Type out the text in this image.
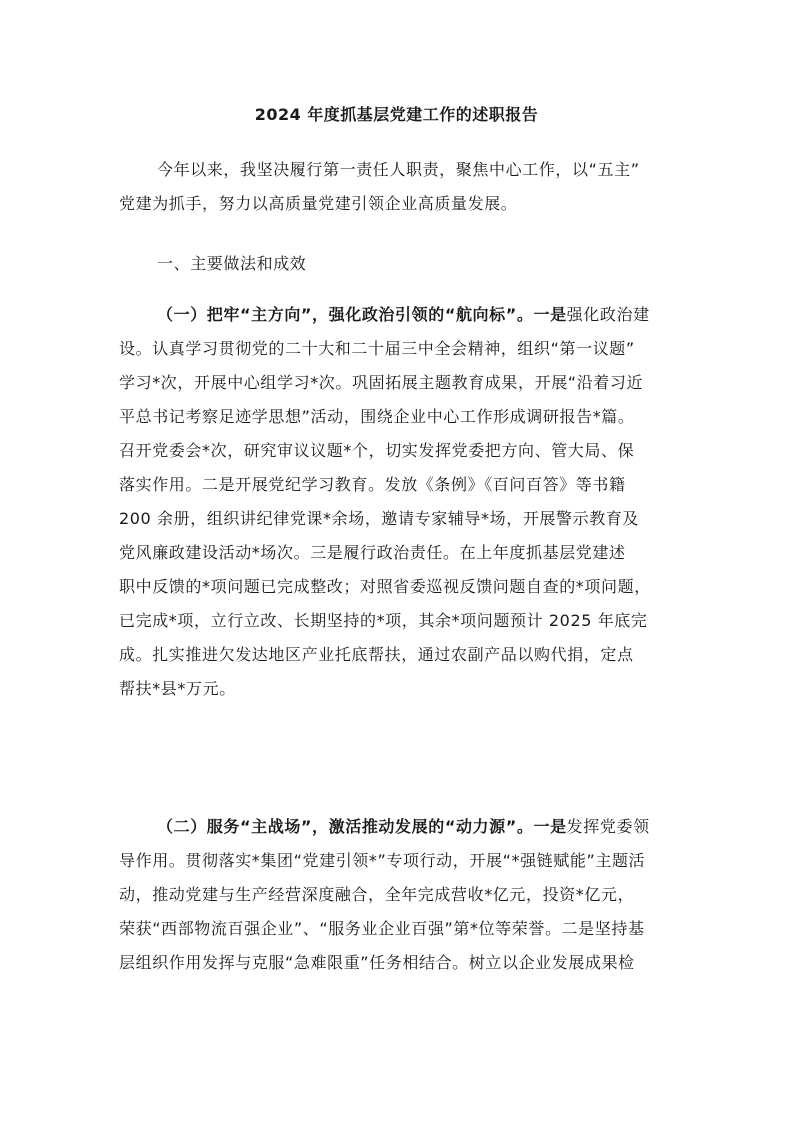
2024 年度抓基层党建工作的述职报告
今年以来，我坚决履行第一责任人职责，聚焦中心工作，以“五主”
党建为抓手，努力以高质量党建引领企业高质量发展。
一、主要做法和成效
（一）把牢“主方向”，强化政治引领的“航向标”。一是强化政治建
设。认真学习贯彻党的二十大和二十届三中全会精神，组织“第一议题”
学习*次，开展中心组学习*次。巩固拓展主题教育成果，开展“沿着习近
平总书记考察足迹学思想”活动，围绕企业中心工作形成调研报告*篇。
召开党委会*次，研究审议议题*个，切实发挥党委把方向、管大局、保
落实作用。二是开展党纪学习教育。发放《条例》《百问百答》等书籍
200 余册，组织讲纪律党课*余场，邀请专家辅导*场，开展警示教育及
党风廉政建设活动*场次。三是履行政治责任。在上年度抓基层党建述
职中反馈的*项问题已完成整改；对照省委巡视反馈问题自查的*项问题，
已完成*项，立行立改、长期坚持的*项，其余*项问题预计 2025 年底完
成。扎实推进欠发达地区产业托底帮扶，通过农副产品以购代捐，定点
帮扶*县*万元。
（二）服务“主战场”，激活推动发展的“动力源”。一是发挥党委领
导作用。贯彻落实*集团“党建引领*”专项行动，开展“*强链赋能”主题活
动，推动党建与生产经营深度融合，全年完成营收*亿元，投资*亿元，
荣获“西部物流百强企业”、“服务业企业百强”第*位等荣誉。二是坚持基
层组织作用发挥与克服“急难限重”任务相结合。树立以企业发展成果检
